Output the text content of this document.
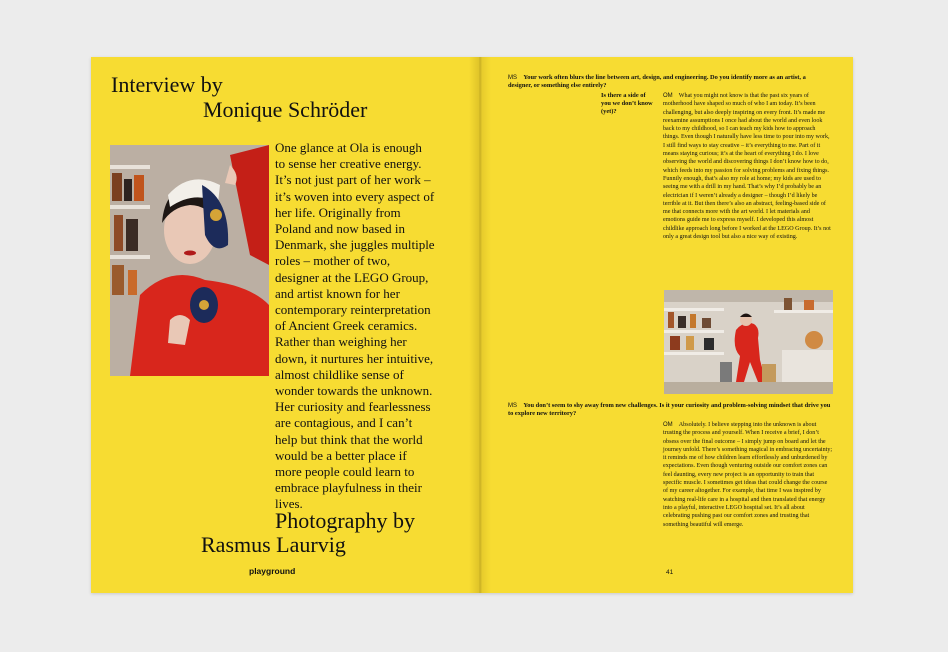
Interview by
Monique Schröder
One glance at Ola is enough to sense her creative energy. It’s not just part of her work – it’s woven into every aspect of her life. Originally from Poland and now based in Denmark, she juggles multiple roles – mother of two, designer at the LEGO Group, and artist known for her contemporary reinterpretation of Ancient Greek ceramics. Rather than weighing her down, it nurtures her intuitive, almost childlike sense of wonder towards the unknown. Her curiosity and fearlessness are contagious, and I can’t help but think that the world would be a better place if more people could learn to embrace playfulness in their lives.
Photography by
Rasmus Laurvig
playground
MS Your work often blurs the line between art, design, and engineering. Do you identify more as an artist, a designer, or something else entirely?
Is there a side of you we don’t know (yet)?
OM What you might not know is that the past six years of motherhood have shaped so much of who I am today. It’s been challenging, but also deeply inspiring on every front. It’s made me reexamine assumptions I once had about the world and even look back to my childhood, so I can teach my kids how to approach things. Even though I naturally have less time to pour into my work, I still find ways to stay creative – it’s everything to me. Part of it means staying curious; it’s at the heart of everything I do. I love observing the world and discovering things I don’t know how to do, which feeds into my passion for solving problems and fixing things. Funnily enough, that’s also my role at home; my kids are used to seeing me with a drill in my hand. That’s why I’d probably be an electrician if I weren’t already a designer – though I’d likely be terrible at it. But then there’s also an abstract, feeling-based side of me that connects more with the art world. I let materials and emotions guide me to express myself. I developed this almost childlike approach long before I worked at the LEGO Group. It’s not only a great design tool but also a nice way of existing.
MS You don’t seem to shy away from new challenges. Is it your curiosity and problem-solving mindset that drive you to explore new territory?
OM Absolutely. I believe stepping into the unknown is about trusting the process and yourself. When I receive a brief, I don’t obsess over the final outcome – I simply jump on board and let the journey unfold. There’s something magical in embracing uncertainty; it reminds me of how children learn effortlessly and unburdened by expectations. Even though venturing outside our comfort zones can feel daunting, every new project is an opportunity to train that specific muscle. I sometimes get ideas that could change the course of my career altogether. For example, that time I was inspired by watching real-life care in a hospital and then translated that energy into a playful, interactive LEGO hospital set. It’s all about celebrating pushing past our comfort zones and trusting that something beautiful will emerge.
41
